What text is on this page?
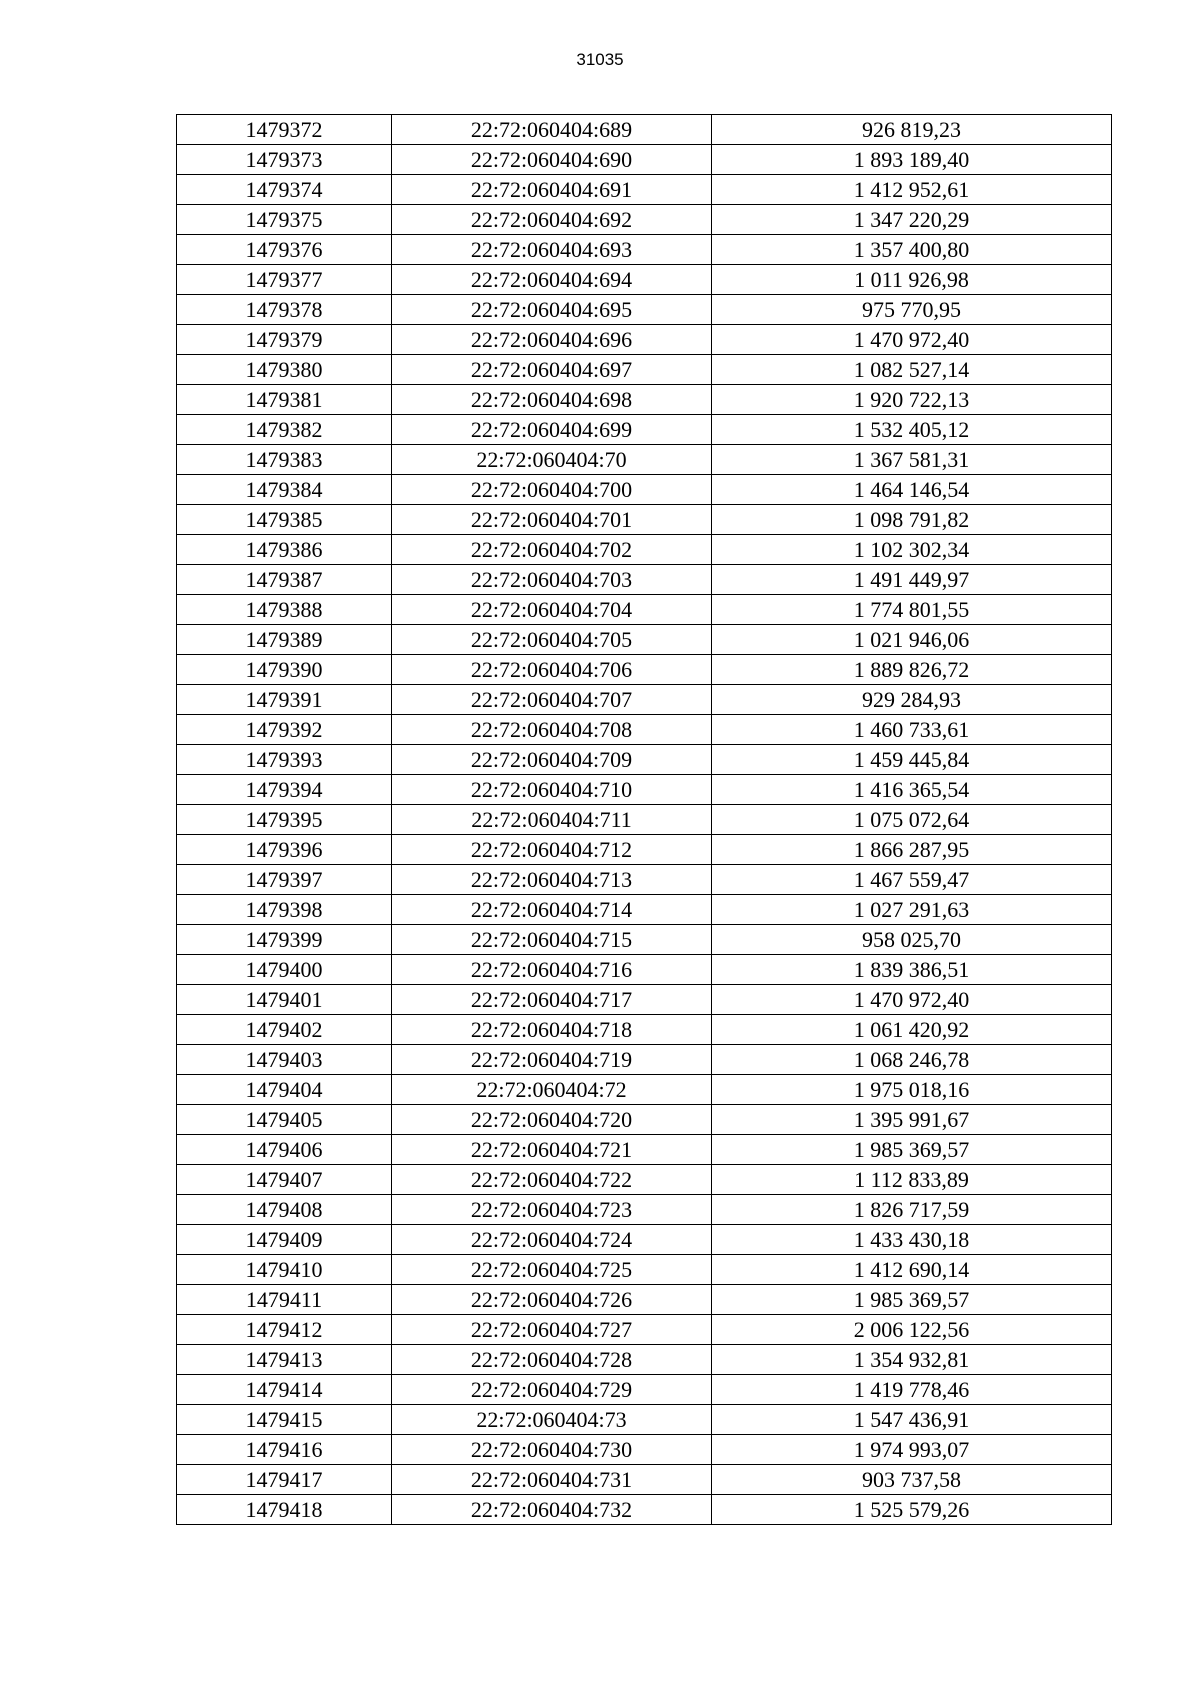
31035
1479372	22:72:060404:689	926 819,23
1479373	22:72:060404:690	1 893 189,40
1479374	22:72:060404:691	1 412 952,61
1479375	22:72:060404:692	1 347 220,29
1479376	22:72:060404:693	1 357 400,80
1479377	22:72:060404:694	1 011 926,98
1479378	22:72:060404:695	975 770,95
1479379	22:72:060404:696	1 470 972,40
1479380	22:72:060404:697	1 082 527,14
1479381	22:72:060404:698	1 920 722,13
1479382	22:72:060404:699	1 532 405,12
1479383	22:72:060404:70	1 367 581,31
1479384	22:72:060404:700	1 464 146,54
1479385	22:72:060404:701	1 098 791,82
1479386	22:72:060404:702	1 102 302,34
1479387	22:72:060404:703	1 491 449,97
1479388	22:72:060404:704	1 774 801,55
1479389	22:72:060404:705	1 021 946,06
1479390	22:72:060404:706	1 889 826,72
1479391	22:72:060404:707	929 284,93
1479392	22:72:060404:708	1 460 733,61
1479393	22:72:060404:709	1 459 445,84
1479394	22:72:060404:710	1 416 365,54
1479395	22:72:060404:711	1 075 072,64
1479396	22:72:060404:712	1 866 287,95
1479397	22:72:060404:713	1 467 559,47
1479398	22:72:060404:714	1 027 291,63
1479399	22:72:060404:715	958 025,70
1479400	22:72:060404:716	1 839 386,51
1479401	22:72:060404:717	1 470 972,40
1479402	22:72:060404:718	1 061 420,92
1479403	22:72:060404:719	1 068 246,78
1479404	22:72:060404:72	1 975 018,16
1479405	22:72:060404:720	1 395 991,67
1479406	22:72:060404:721	1 985 369,57
1479407	22:72:060404:722	1 112 833,89
1479408	22:72:060404:723	1 826 717,59
1479409	22:72:060404:724	1 433 430,18
1479410	22:72:060404:725	1 412 690,14
1479411	22:72:060404:726	1 985 369,57
1479412	22:72:060404:727	2 006 122,56
1479413	22:72:060404:728	1 354 932,81
1479414	22:72:060404:729	1 419 778,46
1479415	22:72:060404:73	1 547 436,91
1479416	22:72:060404:730	1 974 993,07
1479417	22:72:060404:731	903 737,58
1479418	22:72:060404:732	1 525 579,26
